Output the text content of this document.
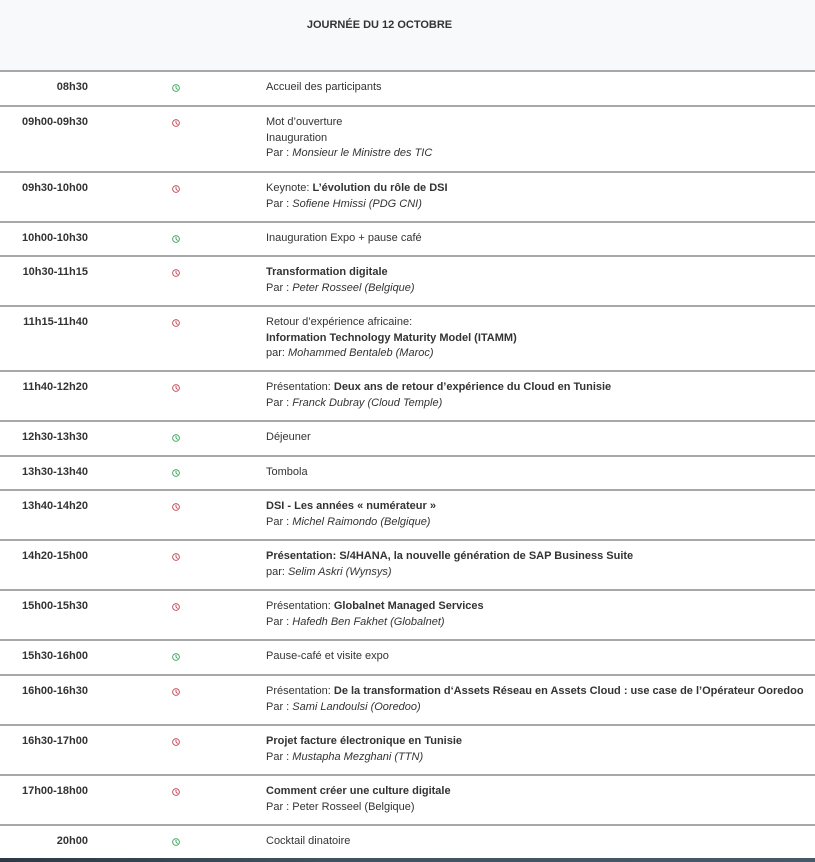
JOURNÉE DU 12 OCTOBRE
08h30	Accueil des participants
09h00-09h30	Mot d’ouverture
Inauguration
Par : Monsieur le Ministre des TIC
09h30-10h00	Keynote: L’évolution du rôle de DSI
Par : Sofiene Hmissi (PDG CNI)
10h00-10h30	Inauguration Expo + pause café
10h30-11h15	Transformation digitale
Par : Peter Rosseel (Belgique)
11h15-11h40	Retour d’expérience africaine:
Information Technology Maturity Model (ITAMM)
par: Mohammed Bentaleb (Maroc)
11h40-12h20	Présentation: Deux ans de retour d’expérience du Cloud en Tunisie
Par : Franck Dubray (Cloud Temple)
12h30-13h30	Déjeuner
13h30-13h40	Tombola
13h40-14h20	DSI - Les années « numérateur »
Par : Michel Raimondo (Belgique)
14h20-15h00	Présentation: S/4HANA, la nouvelle génération de SAP Business Suite
par: Selim Askri (Wynsys)
15h00-15h30	Présentation: Globalnet Managed Services
Par : Hafedh Ben Fakhet (Globalnet)
15h30-16h00	Pause-café et visite expo
16h00-16h30	Présentation: De la transformation d‘Assets Réseau en Assets Cloud : use case de l’Opérateur Ooredoo
Par : Sami Landoulsi (Ooredoo)
16h30-17h00	Projet facture électronique en Tunisie
Par : Mustapha Mezghani (TTN)
17h00-18h00	Comment créer une culture digitale
Par : Peter Rosseel (Belgique)
20h00	Cocktail dinatoire
